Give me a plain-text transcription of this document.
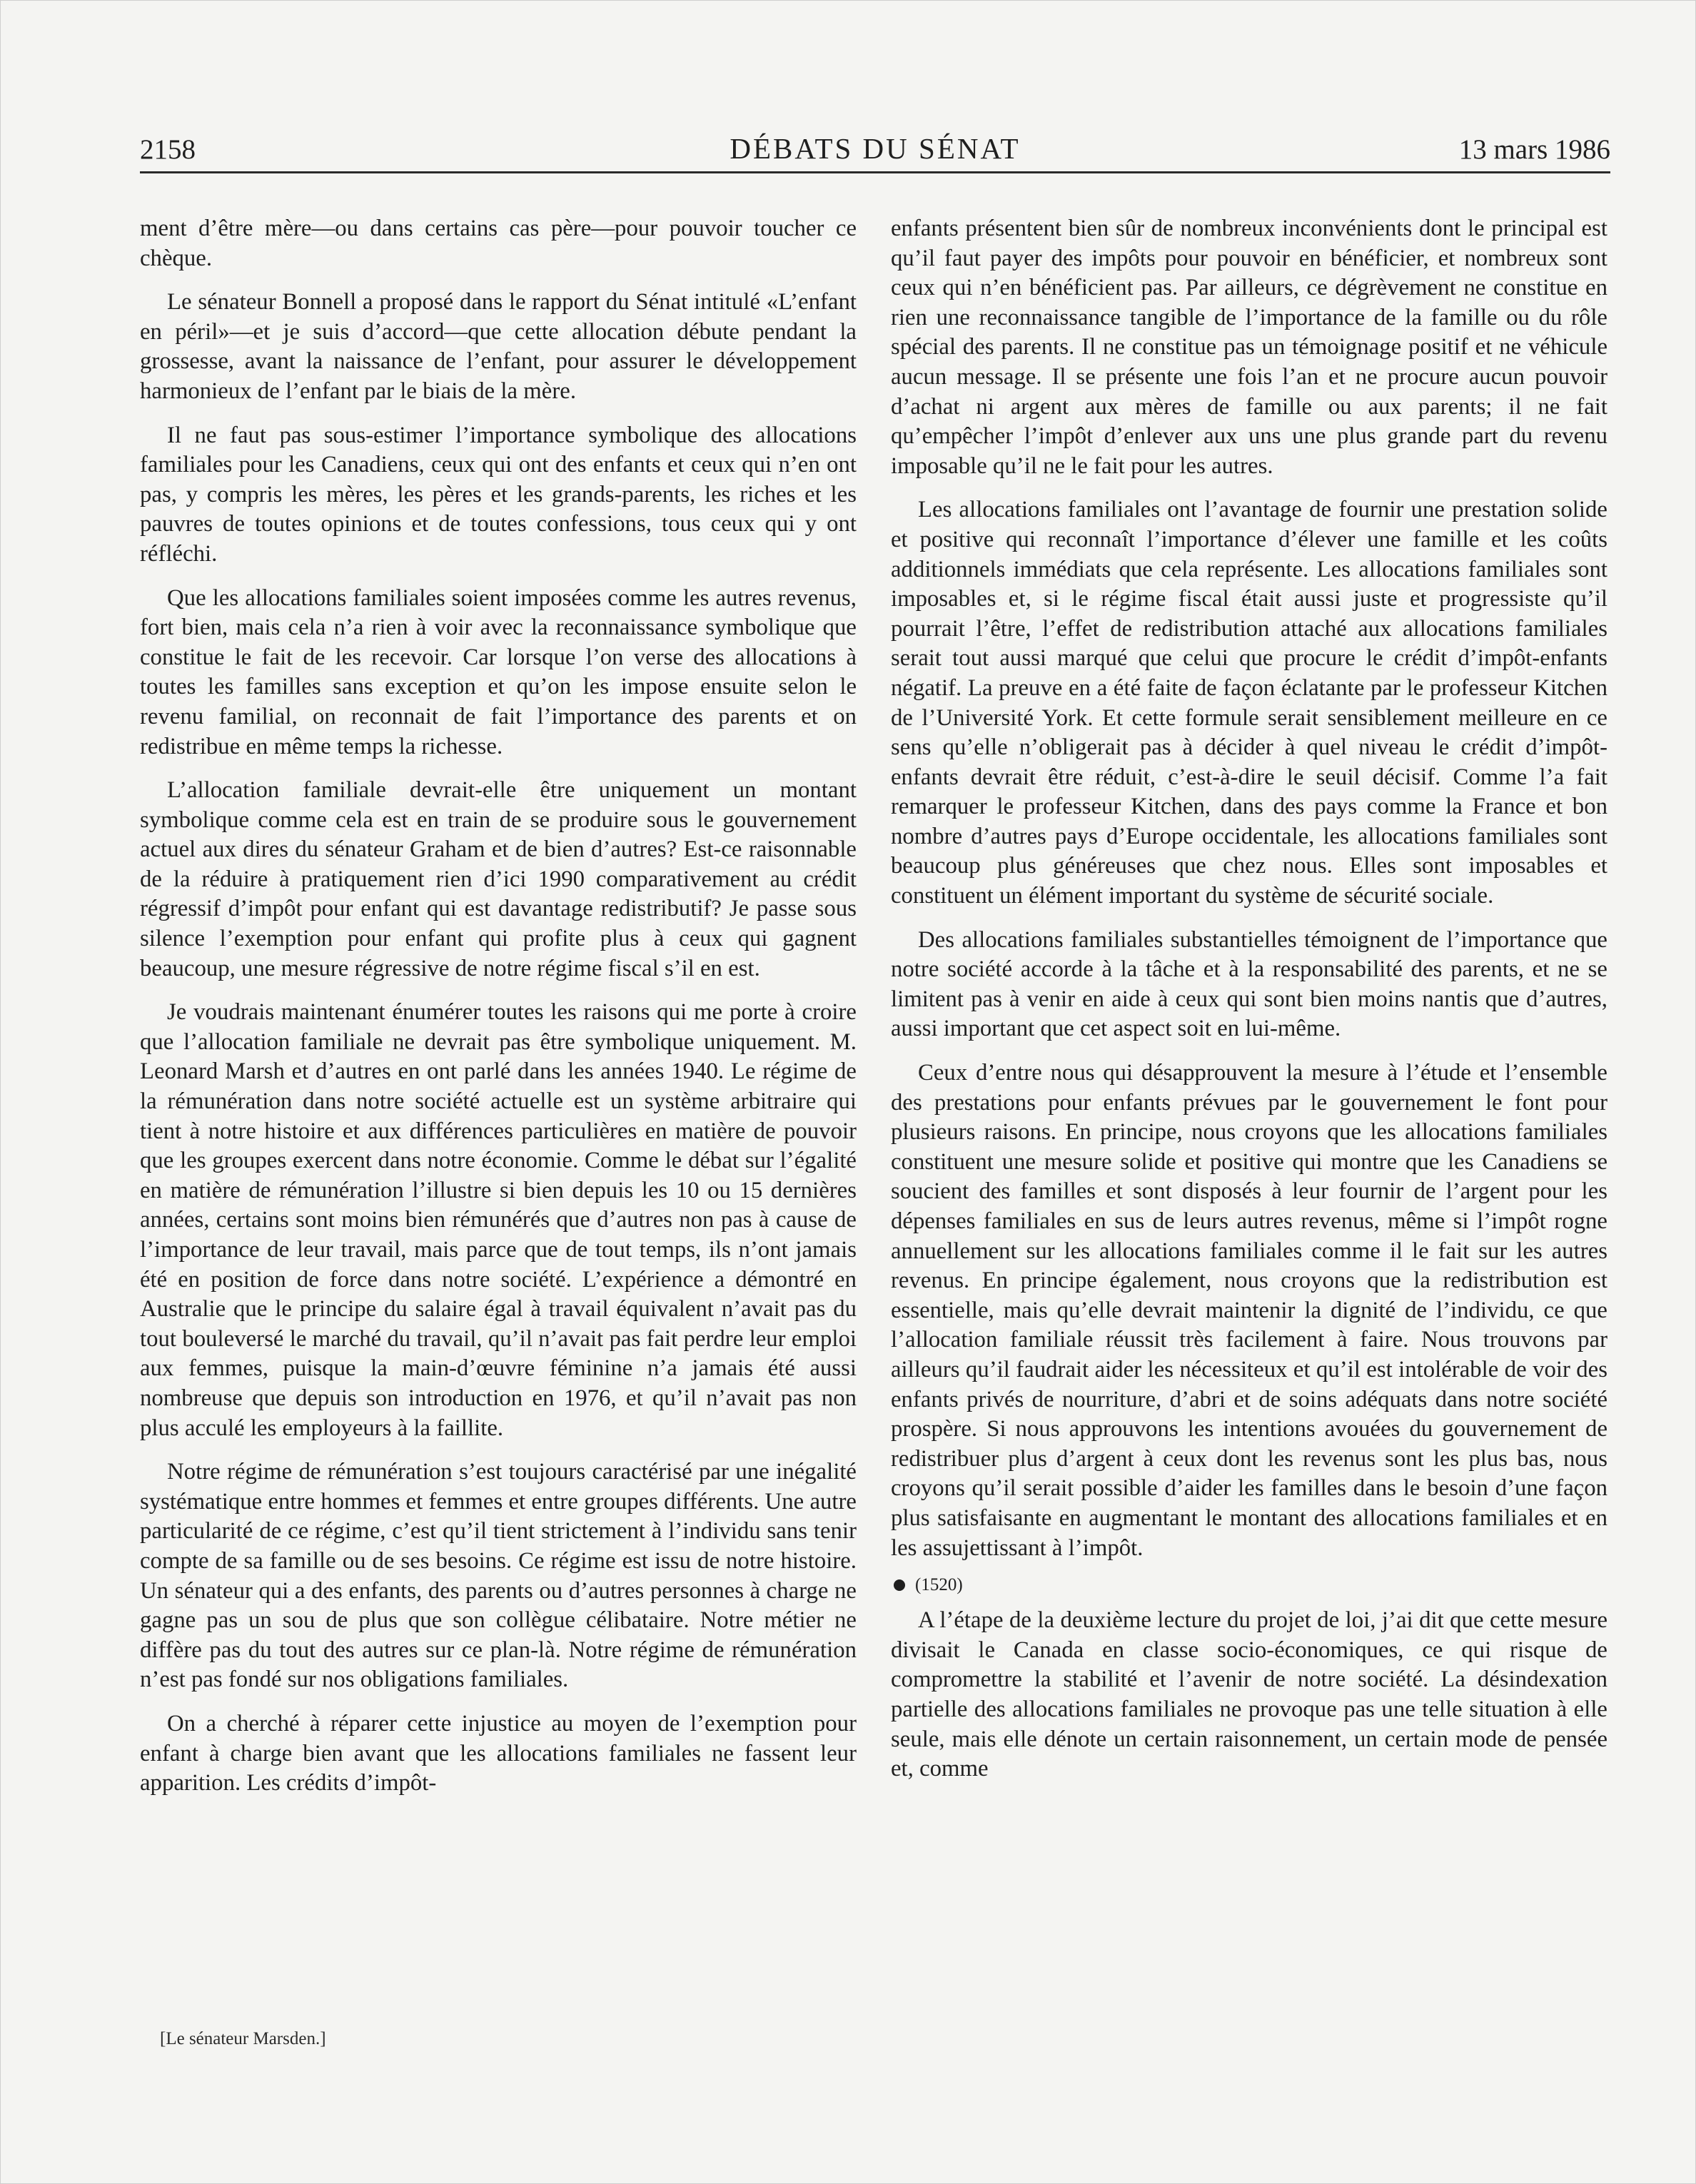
2158	DÉBATS DU SÉNAT	13 mars 1986

ment d’être mère—ou dans certains cas père—pour pouvoir toucher ce chèque.

Le sénateur Bonnell a proposé dans le rapport du Sénat intitulé «L’enfant en péril»—et je suis d’accord—que cette allocation débute pendant la grossesse, avant la naissance de l’enfant, pour assurer le développement harmonieux de l’enfant par le biais de la mère.

Il ne faut pas sous-estimer l’importance symbolique des allocations familiales pour les Canadiens, ceux qui ont des enfants et ceux qui n’en ont pas, y compris les mères, les pères et les grands-parents, les riches et les pauvres de toutes opinions et de toutes confessions, tous ceux qui y ont réfléchi.

Que les allocations familiales soient imposées comme les autres revenus, fort bien, mais cela n’a rien à voir avec la reconnaissance symbolique que constitue le fait de les recevoir. Car lorsque l’on verse des allocations à toutes les familles sans exception et qu’on les impose ensuite selon le revenu familial, on reconnait de fait l’importance des parents et on redistribue en même temps la richesse.

L’allocation familiale devrait-elle être uniquement un montant symbolique comme cela est en train de se produire sous le gouvernement actuel aux dires du sénateur Graham et de bien d’autres? Est-ce raisonnable de la réduire à pratiquement rien d’ici 1990 comparativement au crédit régressif d’impôt pour enfant qui est davantage redistributif? Je passe sous silence l’exemption pour enfant qui profite plus à ceux qui gagnent beaucoup, une mesure régressive de notre régime fiscal s’il en est.

Je voudrais maintenant énumérer toutes les raisons qui me porte à croire que l’allocation familiale ne devrait pas être symbolique uniquement. M. Leonard Marsh et d’autres en ont parlé dans les années 1940. Le régime de la rémunération dans notre société actuelle est un système arbitraire qui tient à notre histoire et aux différences particulières en matière de pouvoir que les groupes exercent dans notre économie. Comme le débat sur l’égalité en matière de rémunération l’illustre si bien depuis les 10 ou 15 dernières années, certains sont moins bien rémunérés que d’autres non pas à cause de l’importance de leur travail, mais parce que de tout temps, ils n’ont jamais été en position de force dans notre société. L’expérience a démontré en Australie que le principe du salaire égal à travail équivalent n’avait pas du tout bouleversé le marché du travail, qu’il n’avait pas fait perdre leur emploi aux femmes, puisque la main-d’œuvre féminine n’a jamais été aussi nombreuse que depuis son introduction en 1976, et qu’il n’avait pas non plus acculé les employeurs à la faillite.

Notre régime de rémunération s’est toujours caractérisé par une inégalité systématique entre hommes et femmes et entre groupes différents. Une autre particularité de ce régime, c’est qu’il tient strictement à l’individu sans tenir compte de sa famille ou de ses besoins. Ce régime est issu de notre histoire. Un sénateur qui a des enfants, des parents ou d’autres personnes à charge ne gagne pas un sou de plus que son collègue célibataire. Notre métier ne diffère pas du tout des autres sur ce plan-là. Notre régime de rémunération n’est pas fondé sur nos obligations familiales.

On a cherché à réparer cette injustice au moyen de l’exemption pour enfant à charge bien avant que les allocations familiales ne fassent leur apparition. Les crédits d’impôt-

enfants présentent bien sûr de nombreux inconvénients dont le principal est qu’il faut payer des impôts pour pouvoir en bénéficier, et nombreux sont ceux qui n’en bénéficient pas. Par ailleurs, ce dégrèvement ne constitue en rien une reconnaissance tangible de l’importance de la famille ou du rôle spécial des parents. Il ne constitue pas un témoignage positif et ne véhicule aucun message. Il se présente une fois l’an et ne procure aucun pouvoir d’achat ni argent aux mères de famille ou aux parents; il ne fait qu’empêcher l’impôt d’enlever aux uns une plus grande part du revenu imposable qu’il ne le fait pour les autres.

Les allocations familiales ont l’avantage de fournir une prestation solide et positive qui reconnaît l’importance d’élever une famille et les coûts additionnels immédiats que cela représente. Les allocations familiales sont imposables et, si le régime fiscal était aussi juste et progressiste qu’il pourrait l’être, l’effet de redistribution attaché aux allocations familiales serait tout aussi marqué que celui que procure le crédit d’impôt-enfants négatif. La preuve en a été faite de façon éclatante par le professeur Kitchen de l’Université York. Et cette formule serait sensiblement meilleure en ce sens qu’elle n’obligerait pas à décider à quel niveau le crédit d’impôt-enfants devrait être réduit, c’est-à-dire le seuil décisif. Comme l’a fait remarquer le professeur Kitchen, dans des pays comme la France et bon nombre d’autres pays d’Europe occidentale, les allocations familiales sont beaucoup plus généreuses que chez nous. Elles sont imposables et constituent un élément important du système de sécurité sociale.

Des allocations familiales substantielles témoignent de l’importance que notre société accorde à la tâche et à la responsabilité des parents, et ne se limitent pas à venir en aide à ceux qui sont bien moins nantis que d’autres, aussi important que cet aspect soit en lui-même.

Ceux d’entre nous qui désapprouvent la mesure à l’étude et l’ensemble des prestations pour enfants prévues par le gouvernement le font pour plusieurs raisons. En principe, nous croyons que les allocations familiales constituent une mesure solide et positive qui montre que les Canadiens se soucient des familles et sont disposés à leur fournir de l’argent pour les dépenses familiales en sus de leurs autres revenus, même si l’impôt rogne annuellement sur les allocations familiales comme il le fait sur les autres revenus. En principe également, nous croyons que la redistribution est essentielle, mais qu’elle devrait maintenir la dignité de l’individu, ce que l’allocation familiale réussit très facilement à faire. Nous trouvons par ailleurs qu’il faudrait aider les nécessiteux et qu’il est intolérable de voir des enfants privés de nourriture, d’abri et de soins adéquats dans notre société prospère. Si nous approuvons les intentions avouées du gouvernement de redistribuer plus d’argent à ceux dont les revenus sont les plus bas, nous croyons qu’il serait possible d’aider les familles dans le besoin d’une façon plus satisfaisante en augmentant le montant des allocations familiales et en les assujettissant à l’impôt.

(1520)

A l’étape de la deuxième lecture du projet de loi, j’ai dit que cette mesure divisait le Canada en classe socio-économiques, ce qui risque de compromettre la stabilité et l’avenir de notre société. La désindexation partielle des allocations familiales ne provoque pas une telle situation à elle seule, mais elle dénote un certain raisonnement, un certain mode de pensée et, comme

[Le sénateur Marsden.]
